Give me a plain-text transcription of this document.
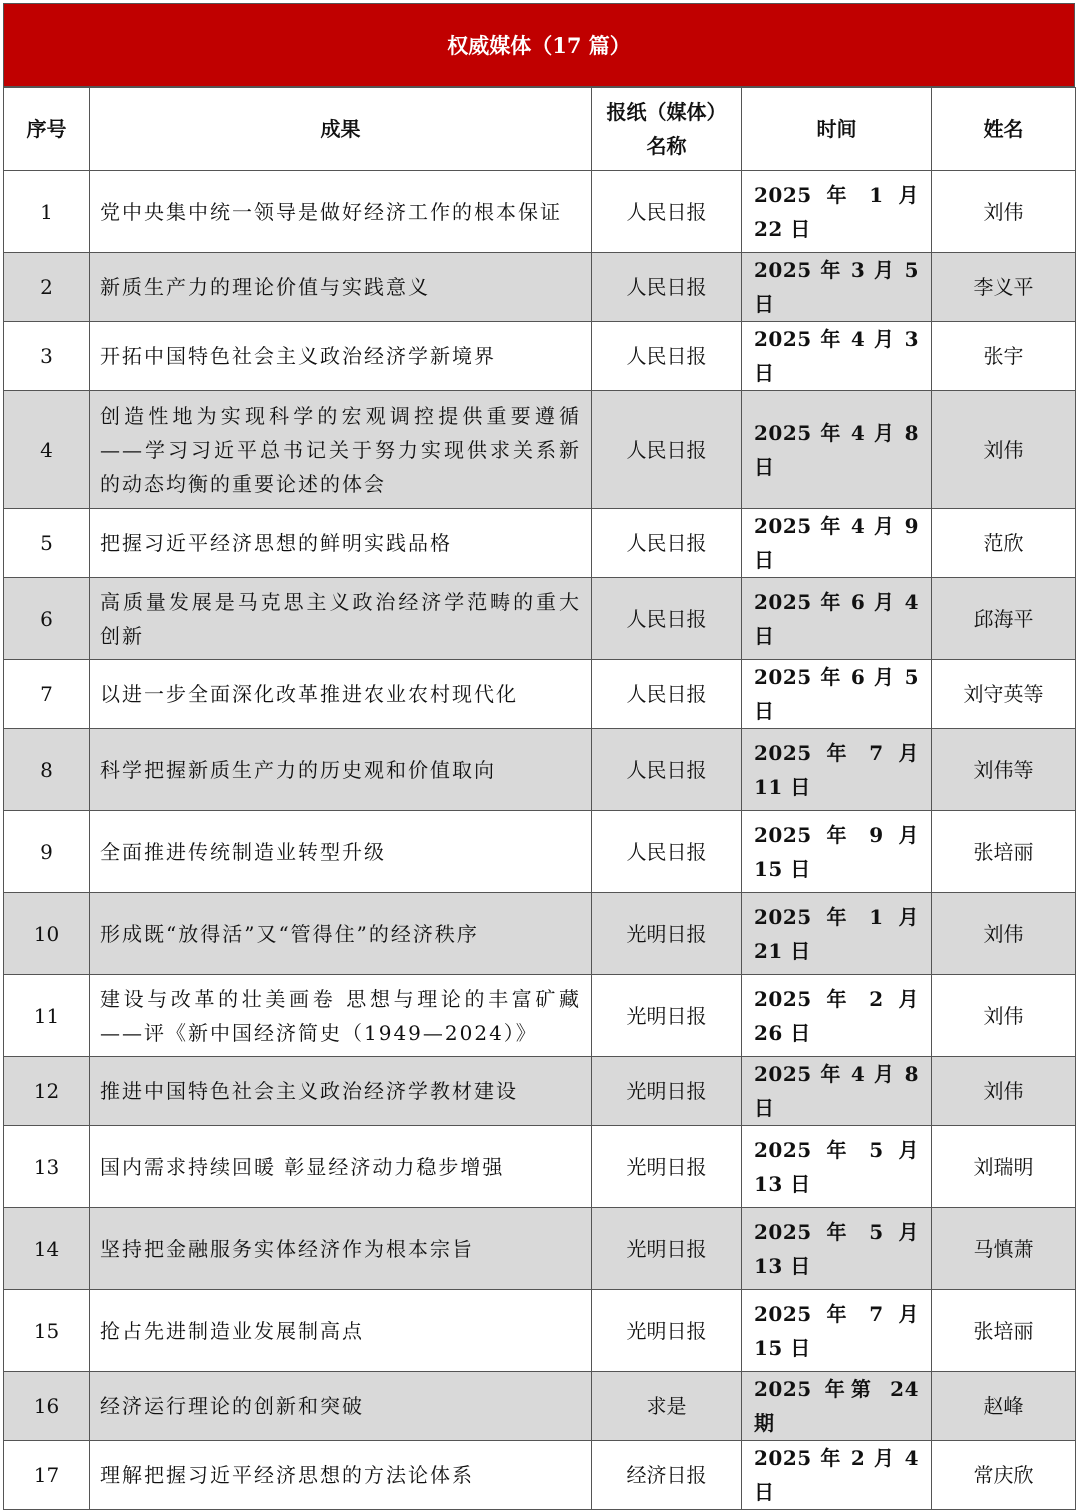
权威媒体（17 篇）
序号	成果	报纸（媒体）名称	时间	姓名
1	党中央集中统一领导是做好经济工作的根本保证	人民日报	2025 年 1 月 22 日	刘伟
2	新质生产力的理论价值与实践意义	人民日报	2025 年 3 月 5 日	李义平
3	开拓中国特色社会主义政治经济学新境界	人民日报	2025 年 4 月 3 日	张宇
4	创造性地为实现科学的宏观调控提供重要遵循——学习习近平总书记关于努力实现供求关系新的动态均衡的重要论述的体会	人民日报	2025 年 4 月 8 日	刘伟
5	把握习近平经济思想的鲜明实践品格	人民日报	2025 年 4 月 9 日	范欣
6	高质量发展是马克思主义政治经济学范畴的重大创新	人民日报	2025 年 6 月 4 日	邱海平
7	以进一步全面深化改革推进农业农村现代化	人民日报	2025 年 6 月 5 日	刘守英等
8	科学把握新质生产力的历史观和价值取向	人民日报	2025 年 7 月 11 日	刘伟等
9	全面推进传统制造业转型升级	人民日报	2025 年 9 月 15 日	张培丽
10	形成既“放得活”又“管得住”的经济秩序	光明日报	2025 年 1 月 21 日	刘伟
11	建设与改革的壮美画卷 思想与理论的丰富矿藏——评《新中国经济简史（1949—2024）》	光明日报	2025 年 2 月 26 日	刘伟
12	推进中国特色社会主义政治经济学教材建设	光明日报	2025 年 4 月 8 日	刘伟
13	国内需求持续回暖 彰显经济动力稳步增强	光明日报	2025 年 5 月 13 日	刘瑞明
14	坚持把金融服务实体经济作为根本宗旨	光明日报	2025 年 5 月 13 日	马慎萧
15	抢占先进制造业发展制高点	光明日报	2025 年 7 月 15 日	张培丽
16	经济运行理论的创新和突破	求是	2025 年第 24 期	赵峰
17	理解把握习近平经济思想的方法论体系	经济日报	2025 年 2 月 4 日	常庆欣
